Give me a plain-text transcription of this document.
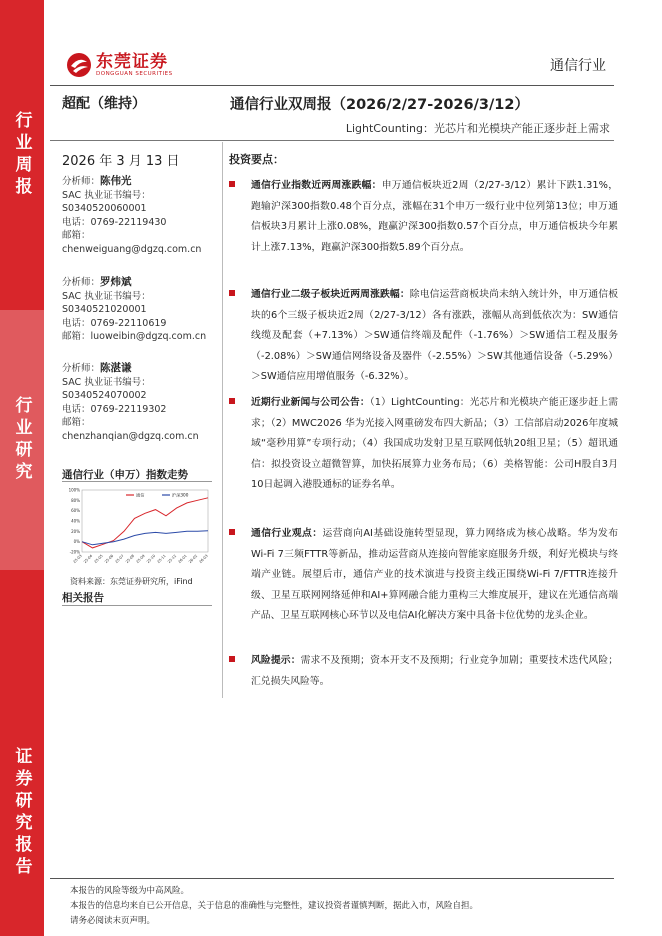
行业周报
行业研究
证券研究报告
东莞证券
DONGGUAN SECURITIES	通信行业
超配（维持）	通信行业双周报（2026/2/27-2026/3/12）
LightCounting：光芯片和光模块产能正逐步赶上需求
2026 年 3 月 13 日
分析师：陈伟光
SAC 执业证书编号：
S0340520060001
电话：0769-22119430
邮箱：
chenweiguang@dgzq.com.cn
分析师：罗炜斌
SAC 执业证书编号：
S0340521020001
电话：0769-22110619
邮箱：luoweibin@dgzq.com.cn
分析师：陈湛谦
SAC 执业证书编号：
S0340524070002
电话：0769-22119302
邮箱：
chenzhanqian@dgzq.com.cn
通信行业（申万）指数走势
100%
80%
60%
40%
20%
0%
-20%
25-03 25-04 25-05 25-06 25-07 25-08 25-09 25-10 25-11 25-12 26-01 26-02 26-03
通信	沪深300
资料来源：东莞证券研究所，iFind
相关报告
投资要点：
通信行业指数近两周涨跌幅：申万通信板块近2周（2/27-3/12）累计下跌1.31%，跑输沪深300指数0.48个百分点，涨幅在31个申万一级行业中位列第13位；申万通信板块3月累计上涨0.08%，跑赢沪深300指数0.57个百分点，申万通信板块今年累计上涨7.13%，跑赢沪深300指数5.89个百分点。
通信行业二级子板块近两周涨跌幅：除电信运营商板块尚未纳入统计外，申万通信板块的6个三级子板块近2周（2/27-3/12）各有涨跌，涨幅从高到低依次为：SW通信线缆及配套（+7.13%）＞SW通信终端及配件（-1.76%）＞SW通信工程及服务（-2.08%）＞SW通信网络设备及器件（-2.55%）＞SW其他通信设备（-5.29%）＞SW通信应用增值服务（-6.32%）。
近期行业新闻与公司公告：（1）LightCounting：光芯片和光模块产能正逐步赶上需求；（2）MWC2026 华为光接入网重磅发布四大新品；（3）工信部启动2026年度城域“毫秒用算”专项行动；（4）我国成功发射卫星互联网低轨20组卫星；（5）超讯通信：拟投资设立超微智算，加快拓展算力业务布局；（6）美格智能：公司H股自3月10日起调入港股通标的证券名单。
通信行业观点：运营商向AI基础设施转型显现，算力网络成为核心战略。华为发布Wi-Fi 7三频FTTR等新品，推动运营商从连接向智能家庭服务升级，利好光模块与终端产业链。展望后市，通信产业的技术演进与投资主线正围绕Wi-Fi 7/FTTR连接升级、卫星互联网网络延伸和AI+算网融合能力重构三大维度展开，建议在光通信高端产品、卫星互联网核心环节以及电信AI化解决方案中具备卡位优势的龙头企业。
风险提示：需求不及预期；资本开支不及预期；行业竞争加剧；重要技术迭代风险；汇兑损失风险等。
本报告的风险等级为中高风险。
本报告的信息均来自已公开信息，关于信息的准确性与完整性，建议投资者谨慎判断，据此入市，风险自担。
请务必阅读末页声明。
